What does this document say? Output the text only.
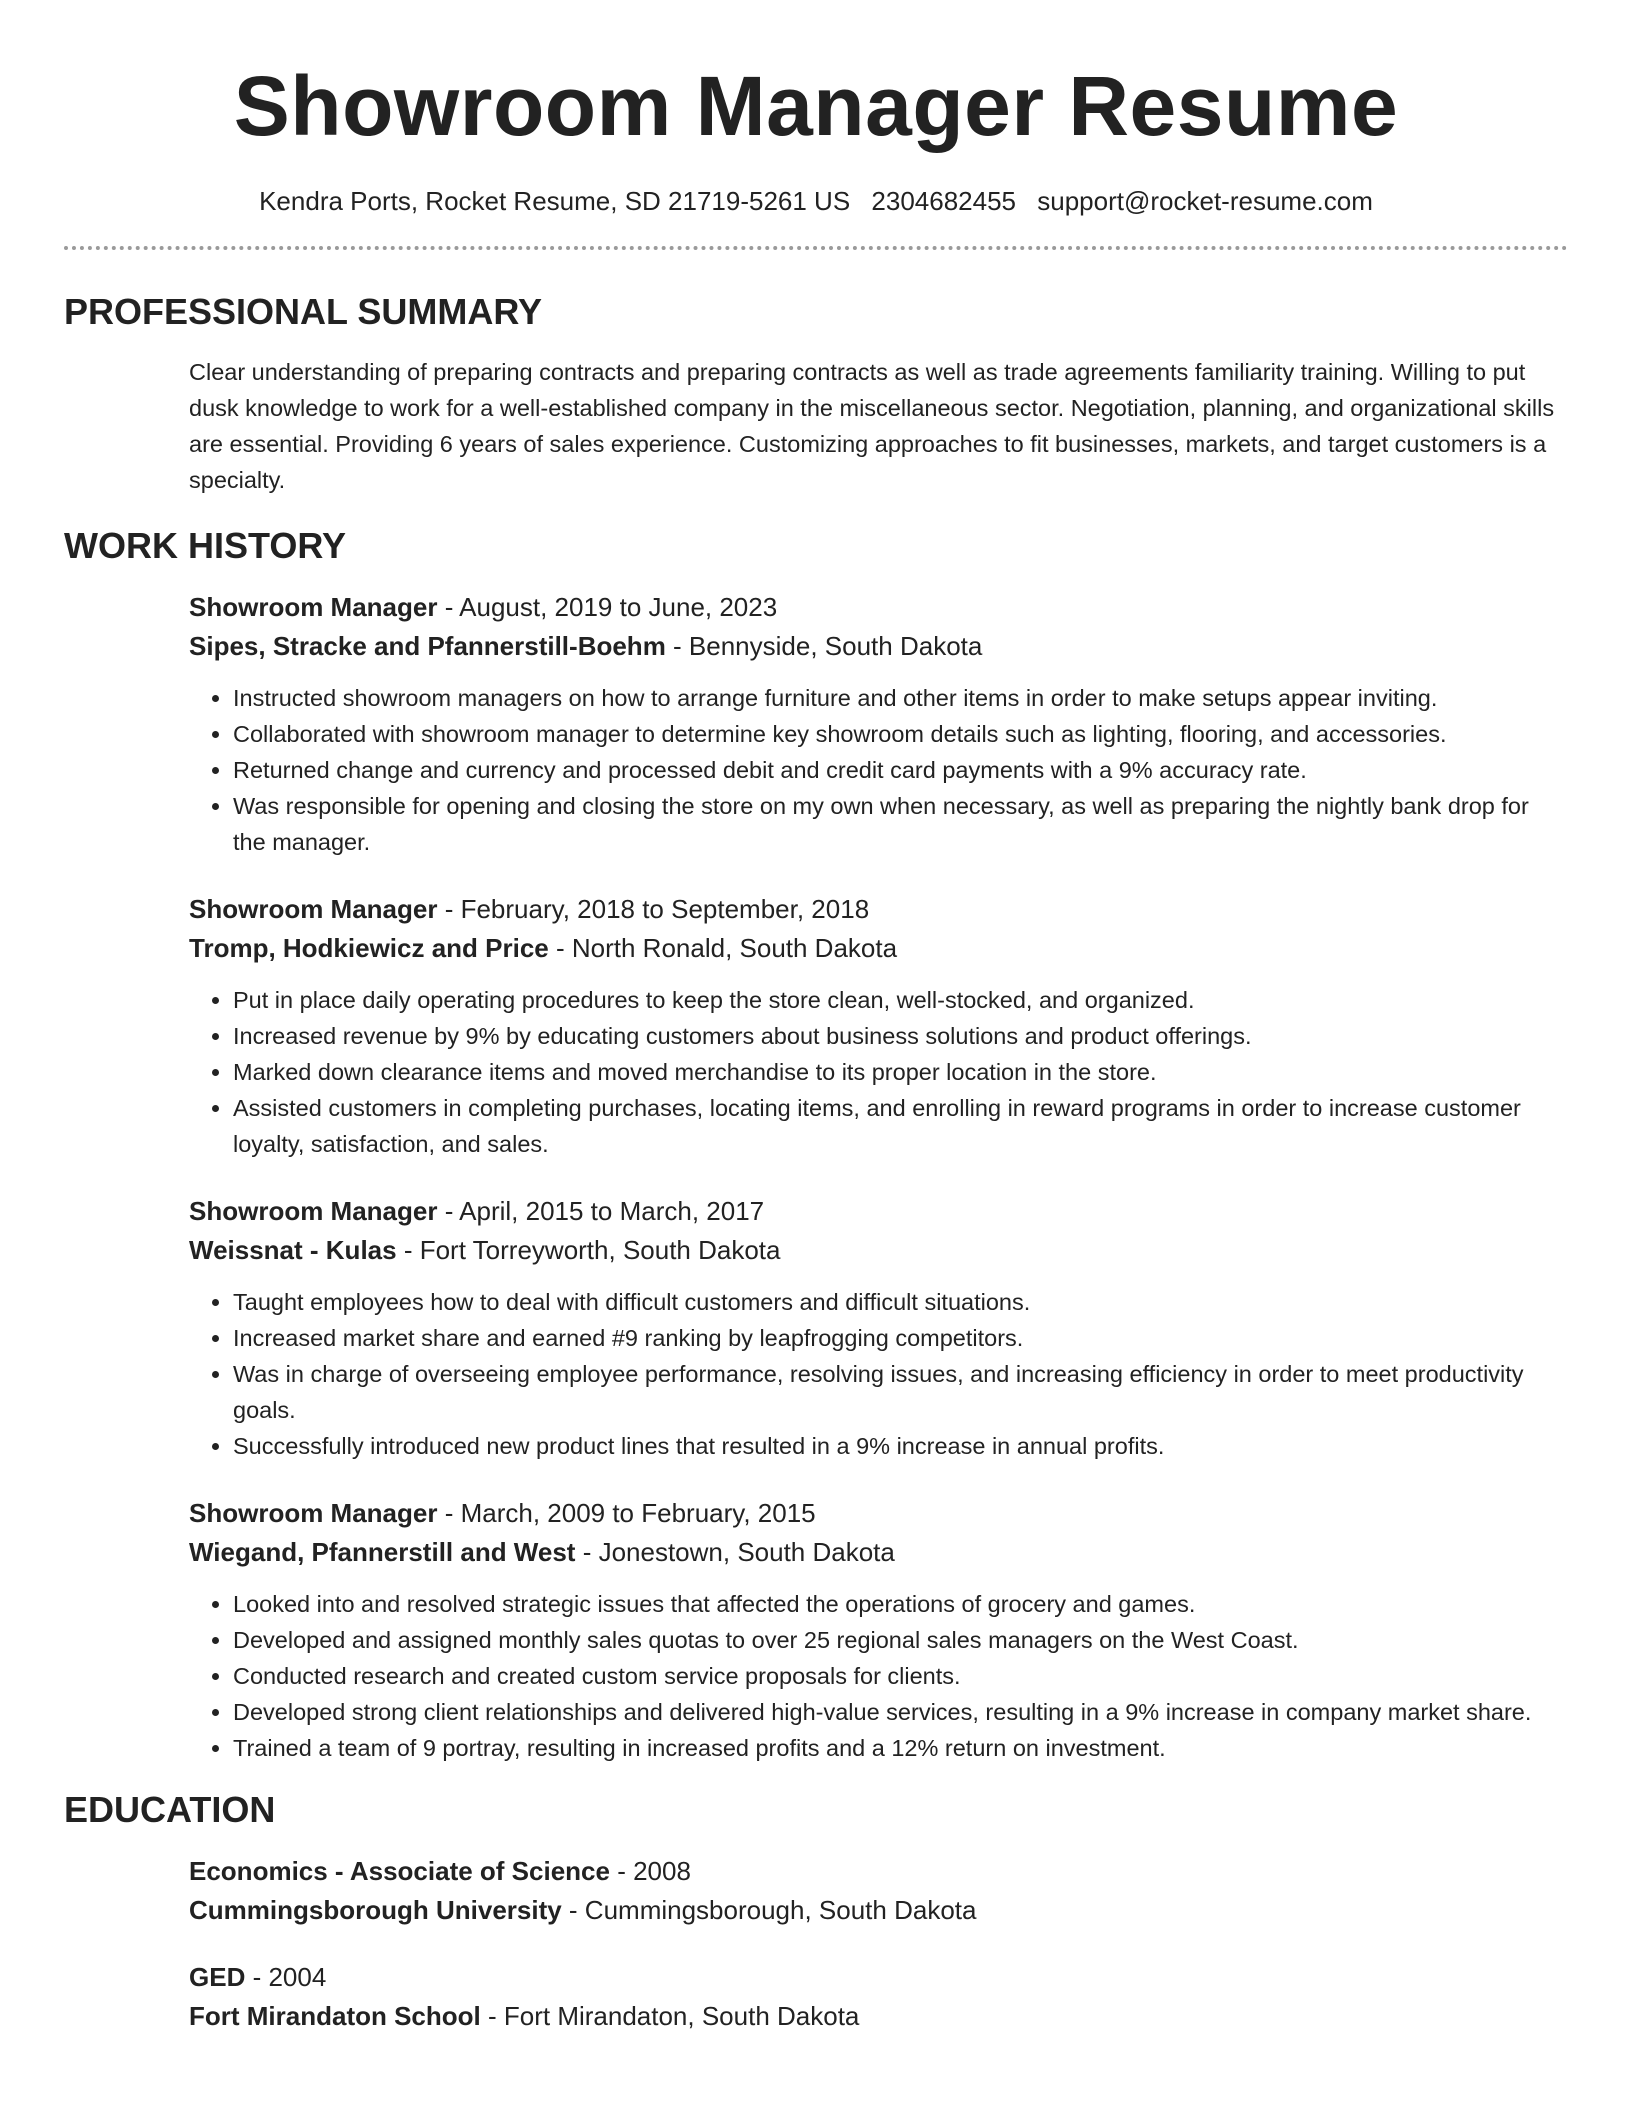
Showroom Manager Resume
Kendra Ports, Rocket Resume, SD 21719-5261 US 2304682455 support@rocket-resume.com
PROFESSIONAL SUMMARY

Clear understanding of preparing contracts and preparing contracts as well as trade agreements familiarity training. Willing to put dusk knowledge to work for a well-established company in the miscellaneous sector. Negotiation, planning, and organizational skills are essential. Providing 6 years of sales experience. Customizing approaches to fit businesses, markets, and target customers is a specialty.

WORK HISTORY
Showroom Manager - August, 2019 to June, 2023
Sipes, Stracke and Pfannerstill-Boehm - Bennyside, South Dakota
• Instructed showroom managers on how to arrange furniture and other items in order to make setups appear inviting.
• Collaborated with showroom manager to determine key showroom details such as lighting, flooring, and accessories.
• Returned change and currency and processed debit and credit card payments with a 9% accuracy rate.
• Was responsible for opening and closing the store on my own when necessary, as well as preparing the nightly bank drop for the manager.
Showroom Manager - February, 2018 to September, 2018
Tromp, Hodkiewicz and Price - North Ronald, South Dakota
• Put in place daily operating procedures to keep the store clean, well-stocked, and organized.
• Increased revenue by 9% by educating customers about business solutions and product offerings.
• Marked down clearance items and moved merchandise to its proper location in the store.
• Assisted customers in completing purchases, locating items, and enrolling in reward programs in order to increase customer loyalty, satisfaction, and sales.
Showroom Manager - April, 2015 to March, 2017
Weissnat - Kulas - Fort Torreyworth, South Dakota
• Taught employees how to deal with difficult customers and difficult situations.
• Increased market share and earned #9 ranking by leapfrogging competitors.
• Was in charge of overseeing employee performance, resolving issues, and increasing efficiency in order to meet productivity goals.
• Successfully introduced new product lines that resulted in a 9% increase in annual profits.
Showroom Manager - March, 2009 to February, 2015
Wiegand, Pfannerstill and West - Jonestown, South Dakota
• Looked into and resolved strategic issues that affected the operations of grocery and games.
• Developed and assigned monthly sales quotas to over 25 regional sales managers on the West Coast.
• Conducted research and created custom service proposals for clients.
• Developed strong client relationships and delivered high-value services, resulting in a 9% increase in company market share.
• Trained a team of 9 portray, resulting in increased profits and a 12% return on investment.
EDUCATION
Economics - Associate of Science - 2008
Cummingsborough University - Cummingsborough, South Dakota
GED - 2004
Fort Mirandaton School - Fort Mirandaton, South Dakota
